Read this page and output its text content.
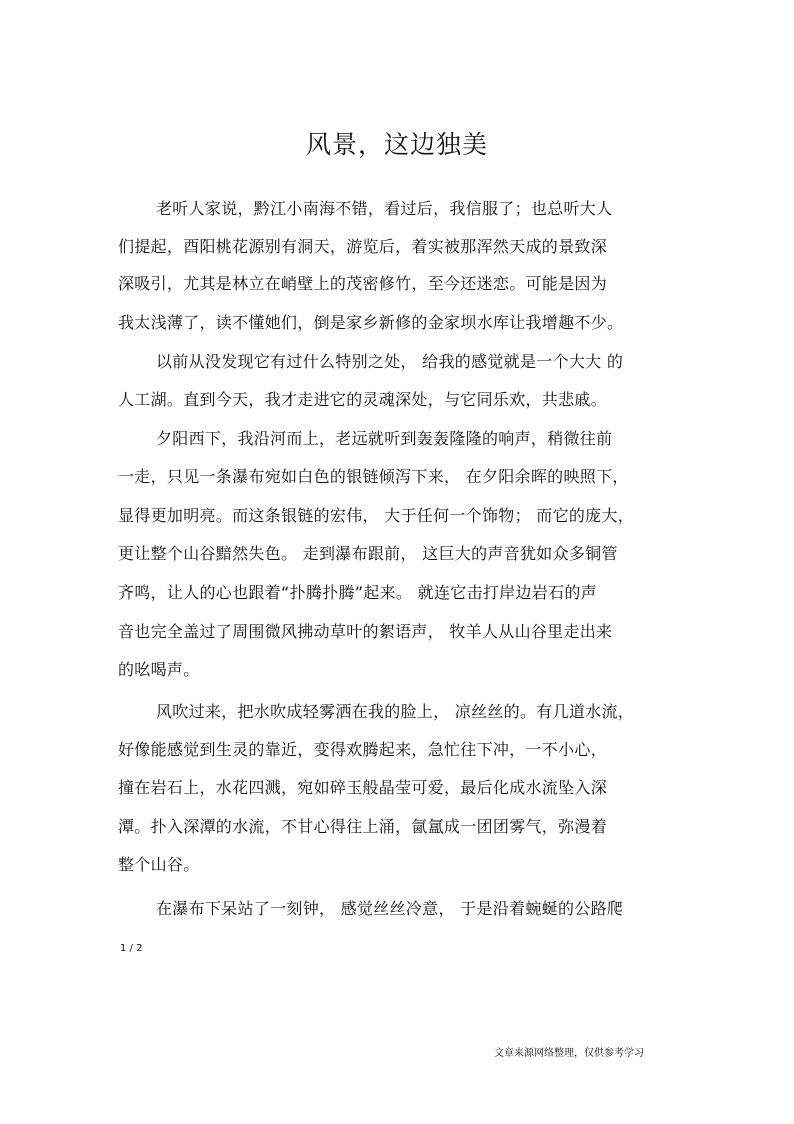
风景，这边独美
老听人家说，黔江小南海不错，看过后，我信服了；也总听大人
们提起，酉阳桃花源别有洞天，游览后，着实被那浑然天成的景致深
深吸引，尤其是林立在峭壁上的茂密修竹，至今还迷恋。可能是因为
我太浅薄了，读不懂她们，倒是家乡新修的金家坝水库让我增趣不少。
以前从没发现它有过什么特别之处， 给我的感觉就是一个大大 的
人工湖。直到今天，我才走进它的灵魂深处，与它同乐欢，共悲戚。
夕阳西下，我沿河而上，老远就听到轰轰隆隆的响声，稍微往前
一走，只见一条瀑布宛如白色的银链倾泻下来， 在夕阳余晖的映照下，
显得更加明亮。而这条银链的宏伟， 大于任何一个饰物； 而它的庞大，
更让整个山谷黯然失色。 走到瀑布跟前， 这巨大的声音犹如众多铜管
齐鸣，让人的心也跟着“扑腾扑腾”起来。 就连它击打岸边岩石的声
音也完全盖过了周围微风拂动草叶的絮语声， 牧羊人从山谷里走出来
的吆喝声。
风吹过来，把水吹成轻雾洒在我的脸上， 凉丝丝的。有几道水流，
好像能感觉到生灵的靠近，变得欢腾起来，急忙往下冲，一不小心，
撞在岩石上，水花四溅，宛如碎玉般晶莹可爱，最后化成水流坠入深
潭。扑入深潭的水流，不甘心得往上涌，氤氲成一团团雾气，弥漫着
整个山谷。
在瀑布下呆站了一刻钟， 感觉丝丝冷意， 于是沿着蜿蜒的公路爬
1 / 2
文章来源网络整理，仅供参考学习
